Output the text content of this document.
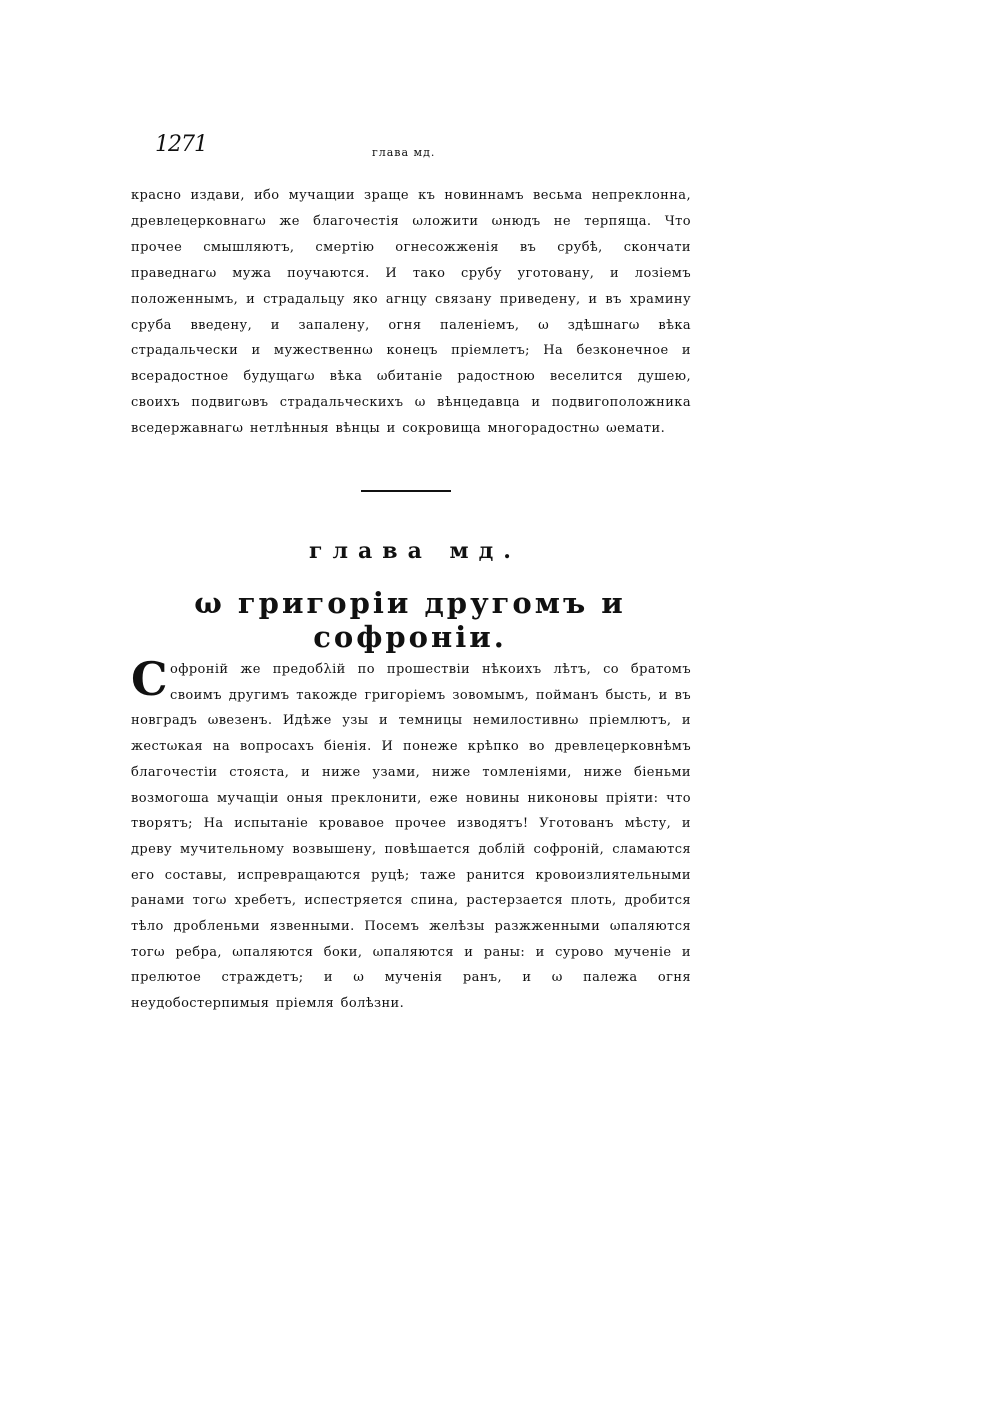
1271	глава мд.
красно издави, ибо мучащии зраще къ новиннамъ весьма непреклонна, древлецерковнагω же благочестія ωложити ωнюдъ не терпяща. Что прочее смышляютъ, смертію огнесожженія въ срубѣ, скончати праведнагω мужа поучаются. И тако срубу уготовану, и лозіемъ положеннымъ, и страдальцу яко агнцу связану приведену, и въ храмину сруба введену, и запалену, огня паленіемъ, ω здѣшнагω вѣка страдальчески и мужественнω конецъ пріемлетъ; На безконечное и всерадостное будущагω вѣка ωбитаніе радостною веселится душею, своихъ подвигωвъ страдальческихъ ω вѣнцедавца и подвигоположника вседержавнагω нетлѣнныя вѣнцы и сокровища многорадостнω ωемати.
глава мд.
ω григоріи другомъ и софроніи.
Софроній же предобλій по прошествіи нѣкоихъ лѣтъ, со братомъ своимъ другимъ такожде григоріемъ зовомымъ, пойманъ бысть, и въ новградъ ωвезенъ. Идѣже узы и темницы немилостивнω пріемлютъ, и жестωкая на вопросахъ біенія. И понеже крѣпко во древлецерковнѣмъ благочестіи стояста, и ниже узами, ниже томленіями, ниже біеньми возмогоша мучащіи оныя преклонити, еже новины никоновы пріяти: что творятъ; На испытаніе кровавое прочее изводятъ! Уготованъ мѣсту, и древу мучительному возвышену, повѣшается доблій софроній, сламаются его составы, испревращаются руцѣ; таже ранится кровоизлиятельными ранами тогω хребетъ, испестряется спина, растерзается плоть, дробится тѣло дробленьми язвенными. Посемъ желѣзы разжженными ωпаляются тогω ребра, ωпаляются боки, ωпаляются и раны: и сурово мученіе и прелютое страждетъ; и ω мученія ранъ, и ω палежа огня неудобостерпимыя пріемля болѣзни.
